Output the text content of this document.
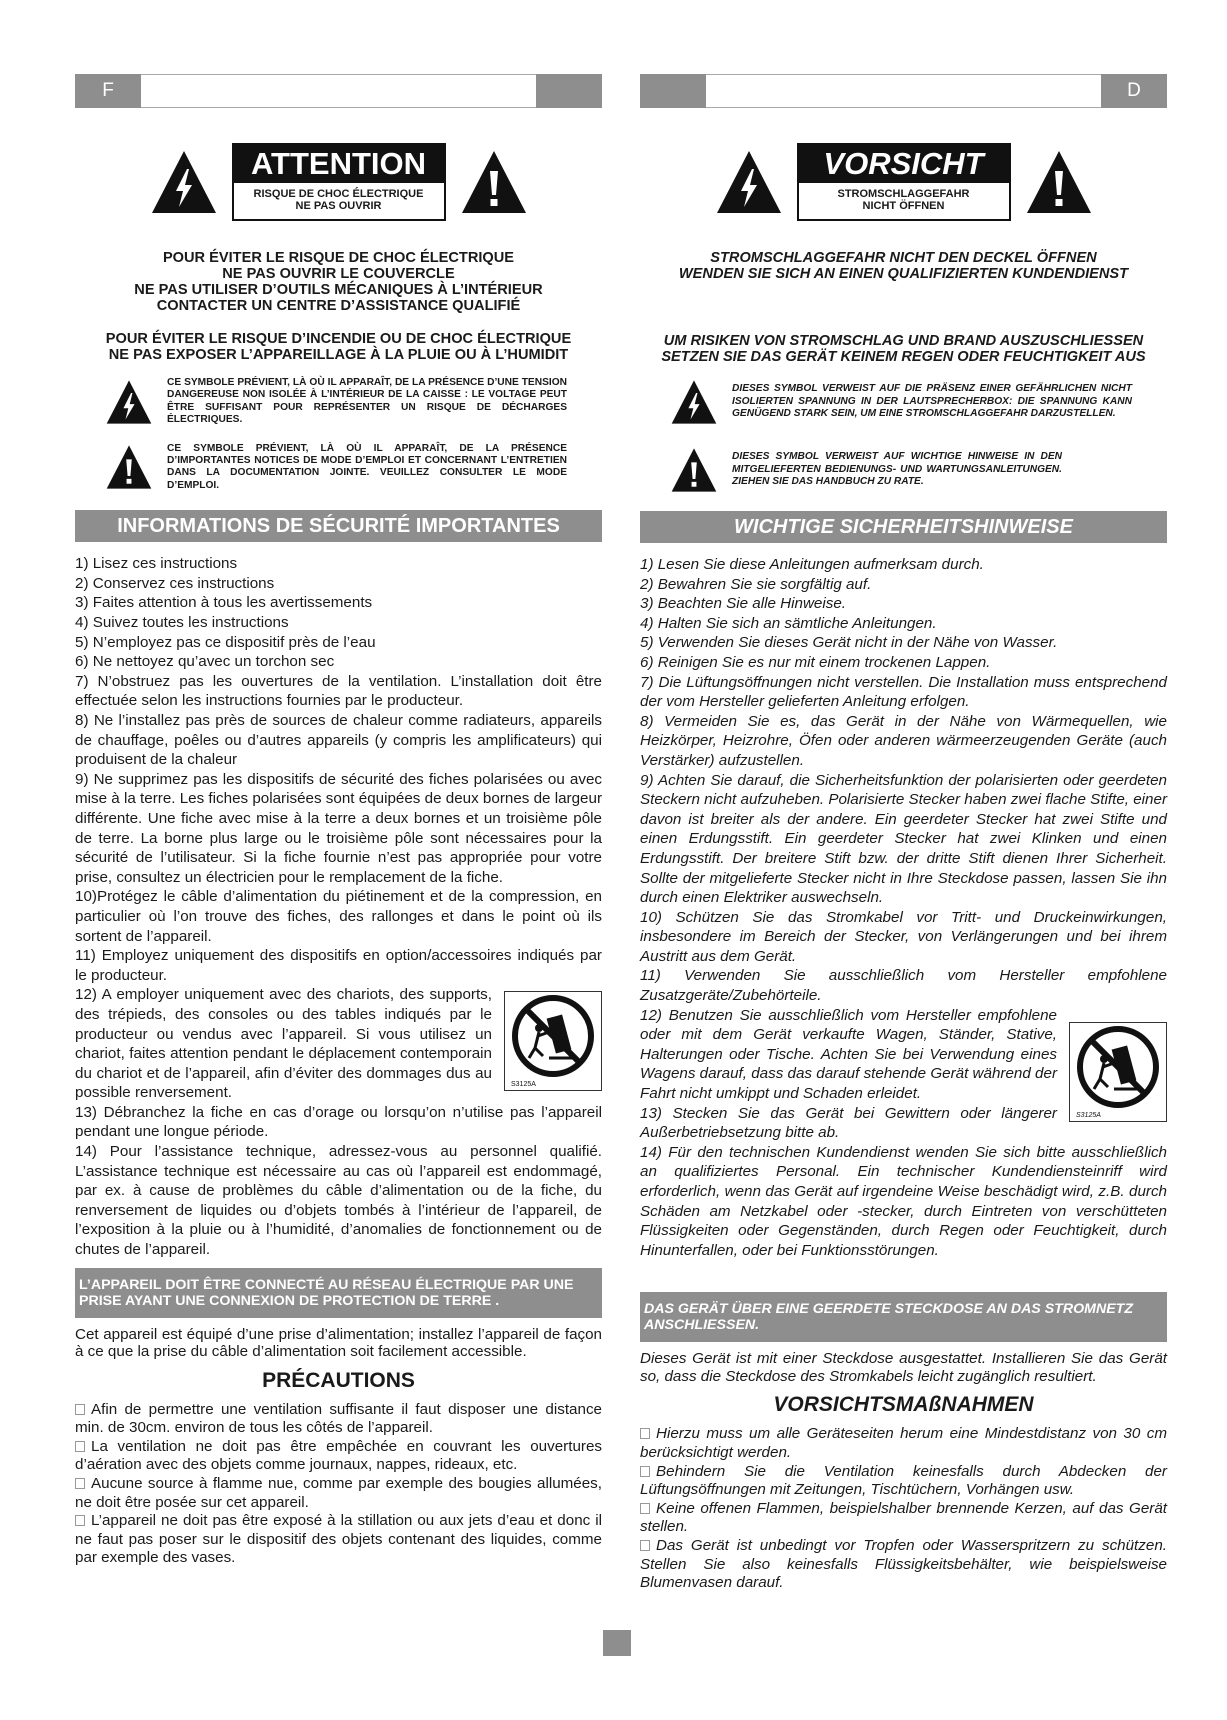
F
ATTENTION
RISQUE DE CHOC ÉLECTRIQUE
NE PAS OUVRIR
POUR ÉVITER LE RISQUE DE CHOC ÉLECTRIQUE
NE PAS OUVRIR LE COUVERCLE
NE PAS UTILISER D’OUTILS MÉCANIQUES À L’INTÉRIEUR
CONTACTER UN CENTRE D’ASSISTANCE QUALIFIÉ
POUR ÉVITER LE RISQUE D’INCENDIE OU DE CHOC ÉLECTRIQUE
NE PAS EXPOSER L’APPAREILLAGE À LA PLUIE OU À L’HUMIDIT
CE SYMBOLE PRÉVIENT, LÀ OÙ IL APPARAÎT, DE LA PRÉSENCE D’UNE TENSION DANGEREUSE NON ISOLÉE À L’INTÉRIEUR DE LA CAISSE : LE VOLTAGE PEUT ÊTRE SUFFISANT POUR REPRÉSENTER UN RISQUE DE DÉCHARGES ÉLECTRIQUES.
CE SYMBOLE PRÉVIENT, LÀ OÙ IL APPARAÎT, DE LA PRÉSENCE D’IMPORTANTES NOTICES DE MODE D’EMPLOI ET CONCERNANT L’ENTRETIEN DANS LA DOCUMENTATION JOINTE. VEUILLEZ CONSULTER LE MODE D’EMPLOI.
INFORMATIONS DE SÉCURITÉ IMPORTANTES

1) Lisez ces instructions

2) Conservez ces instructions

3) Faites attention à tous les avertissements

4) Suivez toutes les instructions

5) N’employez pas ce dispositif près de l’eau

6) Ne nettoyez qu’avec un torchon sec

7) N’obstruez pas les ouvertures de la ventilation. L’installation doit être effectuée selon les instructions fournies par le producteur.

8) Ne l’installez pas près de sources de chaleur comme radiateurs, appareils de chauffage, poêles ou d’autres appareils (y compris les amplificateurs) qui produisent de la chaleur

9) Ne supprimez pas les dispositifs de sécurité des fiches polarisées ou avec mise à la terre. Les fiches polarisées sont équipées de deux bornes de largeur différente. Une fiche avec mise à la terre a deux bornes et un troisième pôle de terre. La borne plus large ou le troisième pôle sont nécessaires pour la sécurité de l’utilisateur. Si la fiche fournie n’est pas appropriée pour votre prise, consultez un électricien pour le remplacement de la fiche.

10)Protégez le câble d’alimentation du piétinement et de la compression, en particulier où l’on trouve des fiches, des rallonges et dans le point où ils sortent de l’appareil.

11) Employez uniquement des dispositifs en option/accessoires indiqués par le producteur.

S3125A

12) A employer uniquement avec des chariots, des supports, des trépieds, des consoles ou des tables indiqués par le producteur ou vendus avec l’appareil. Si vous utilisez un chariot, faites attention pendant le déplacement contemporain du chariot et de l’appareil, afin d’éviter des dommages dus au possible renversement.

13) Débranchez la fiche en cas d’orage ou lorsqu’on n’utilise pas l’appareil pendant une longue période.

14) Pour l’assistance technique, adressez-vous au personnel qualifié. L’assistance technique est nécessaire au cas où l’appareil est endommagé, par ex. à cause de problèmes du câble d’alimentation ou de la fiche, du renversement de liquides ou d’objets tombés à l’intérieur de l’appareil, de l’exposition à la pluie ou à l’humidité, d’anomalies de fonctionnement ou de chutes de l’appareil.

L’APPAREIL DOIT ÊTRE CONNECTÉ AU RÉSEAU ÉLECTRIQUE PAR UNE PRISE AYANT UNE CONNEXION DE PROTECTION DE TERRE .
Cet appareil est équipé d’une prise d’alimentation; installez l’appareil de façon à ce que la prise du câble d’alimentation soit facilement accessible.
PRÉCAUTIONS

Afin de permettre une ventilation suffisante il faut disposer une distance min. de 30cm. environ de tous les côtés de l’appareil.

La ventilation ne doit pas être empêchée en couvrant les ouvertures d’aération avec des objets comme journaux, nappes, rideaux, etc.

Aucune source à flamme nue, comme par exemple des bougies allumées, ne doit être posée sur cet appareil.

L’appareil ne doit pas être exposé à la stillation ou aux jets d’eau et donc il ne faut pas poser sur le dispositif des objets contenant des liquides, comme par exemple des vases.

D
VORSICHT
STROMSCHLAGGEFAHR
NICHT ÖFFNEN
STROMSCHLAGGEFAHR NICHT DEN DECKEL ÖFFNEN
WENDEN SIE SICH AN EINEN QUALIFIZIERTEN KUNDENDIENST
UM RISIKEN VON STROMSCHLAG UND BRAND AUSZUSCHLIESSEN
SETZEN SIE DAS GERÄT KEINEM REGEN ODER FEUCHTIGKEIT AUS
DIESES SYMBOL VERWEIST AUF DIE PRÄSENZ EINER GEFÄHRLICHEN NICHT ISOLIERTEN SPANNUNG IN DER LAUTSPRECHERBOX: DIE SPANNUNG KANN GENÜGEND STARK SEIN, UM EINE STROMSCHLAGGEFAHR DARZUSTELLEN.
DIESES SYMBOL VERWEIST AUF WICHTIGE HINWEISE IN DEN MITGELIEFERTEN BEDIENUNGS- UND WARTUNGSANLEITUNGEN. ZIEHEN SIE DAS HANDBUCH ZU RATE.
WICHTIGE SICHERHEITSHINWEISE

1) Lesen Sie diese Anleitungen aufmerksam durch.

2) Bewahren Sie sie sorgfältig auf.

3) Beachten Sie alle Hinweise.

4) Halten Sie sich an sämtliche Anleitungen.

5) Verwenden Sie dieses Gerät nicht in der Nähe von Wasser.

6) Reinigen Sie es nur mit einem trockenen Lappen.

7) Die Lüftungsöffnungen nicht verstellen. Die Installation muss entsprechend der vom Hersteller gelieferten Anleitung erfolgen.

8) Vermeiden Sie es, das Gerät in der Nähe von Wärmequellen, wie Heizkörper, Heizrohre, Öfen oder anderen wärmeerzeugenden Geräte (auch Verstärker) aufzustellen.

9) Achten Sie darauf, die Sicherheitsfunktion der polarisierten oder geerdeten Steckern nicht aufzuheben. Polarisierte Stecker haben zwei flache Stifte, einer davon ist breiter als der andere. Ein geerdeter Stecker hat zwei Stifte und einen Erdungsstift. Ein geerdeter Stecker hat zwei Klinken und einen Erdungsstift. Der breitere Stift bzw. der dritte Stift dienen Ihrer Sicherheit. Sollte der mitgelieferte Stecker nicht in Ihre Steckdose passen, lassen Sie ihn durch einen Elektriker auswechseln.

10) Schützen Sie das Stromkabel vor Tritt- und Druckeinwirkungen, insbesondere im Bereich der Stecker, von Verlängerungen und bei ihrem Austritt aus dem Gerät.

11) Verwenden Sie ausschließlich vom Hersteller empfohlene Zusatzgeräte/Zubehörteile.

S3125A

12) Benutzen Sie ausschließlich vom Hersteller empfohlene oder mit dem Gerät verkaufte Wagen, Ständer, Stative, Halterungen oder Tische. Achten Sie bei Verwendung eines Wagens darauf, dass das darauf stehende Gerät während der Fahrt nicht umkippt und Schaden erleidet.

13) Stecken Sie das Gerät bei Gewittern oder längerer Außerbetriebsetzung bitte ab.

14) Für den technischen Kundendienst wenden Sie sich bitte ausschließlich an qualifiziertes Personal. Ein technischer Kundendiensteinriff wird erforderlich, wenn das Gerät auf irgendeine Weise beschädigt wird, z.B. durch Schäden am Netzkabel oder -stecker, durch Eintreten von verschütteten Flüssigkeiten oder Gegenständen, durch Regen oder Feuchtigkeit, durch Hinunterfallen, oder bei Funktionsstörungen.

DAS GERÄT ÜBER EINE GEERDETE STECKDOSE AN DAS STROMNETZ ANSCHLIESSEN.
Dieses Gerät ist mit einer Steckdose ausgestattet. Installieren Sie das Gerät so, dass die Steckdose des Stromkabels leicht zugänglich resultiert.
VORSICHTSMAßNAHMEN

Hierzu muss um alle Geräteseiten herum eine Mindestdistanz von 30 cm berücksichtigt werden.

Behindern Sie die Ventilation keinesfalls durch Abdecken der Lüftungsöffnungen mit Zeitungen, Tischtüchern, Vorhängen usw.

Keine offenen Flammen, beispielshalber brennende Kerzen, auf das Gerät stellen.

Das Gerät ist unbedingt vor Tropfen oder Wasserspritzern zu schützen. Stellen Sie also keinesfalls Flüssigkeitsbehälter, wie beispielsweise Blumenvasen darauf.
